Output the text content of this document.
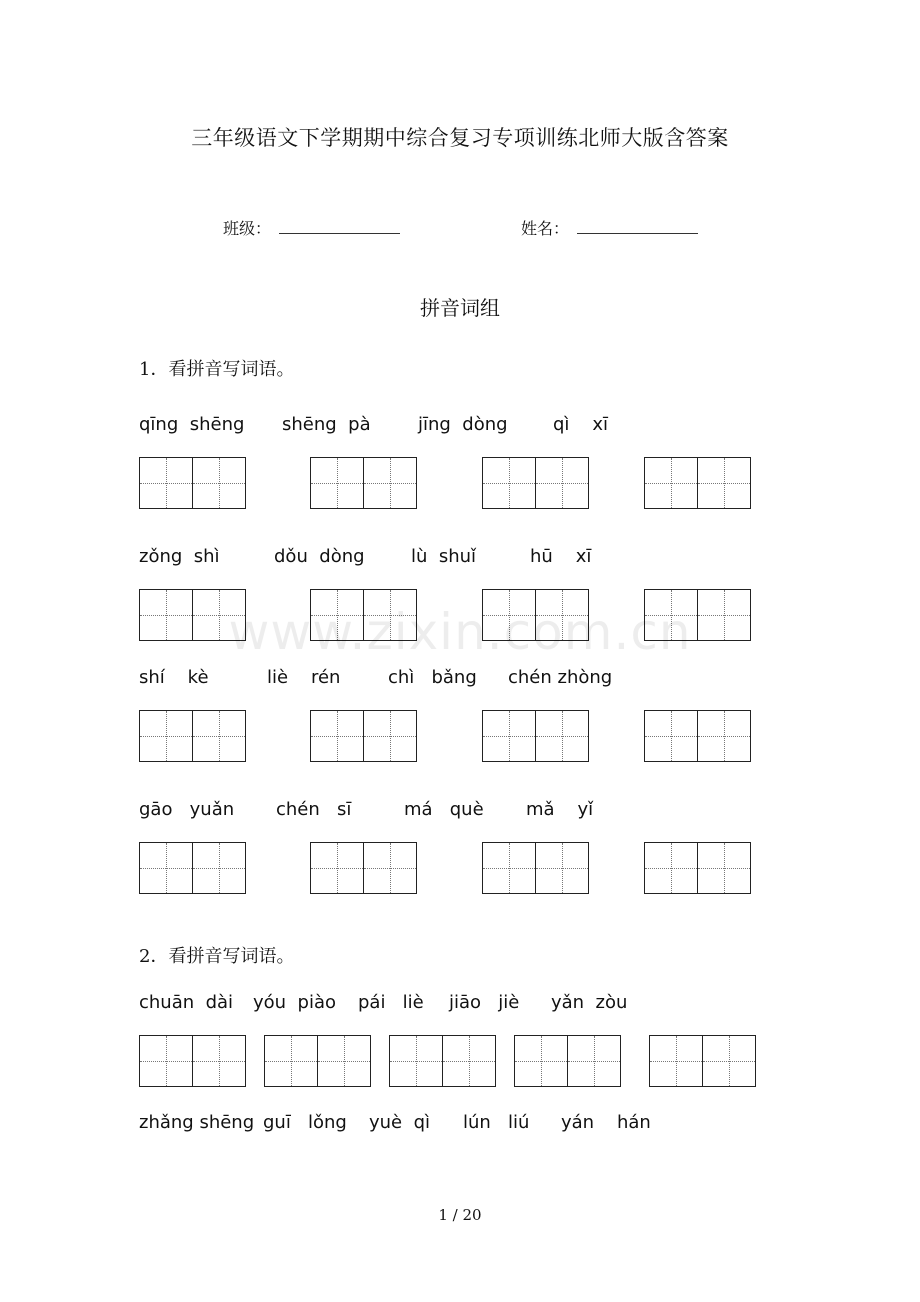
三年级语文下学期期中综合复习专项训练北师大版含答案
班级：	姓名：
拼音词组
1．看拼音写词语。
qīng  shēng shēng  pà	jīng  dòng	qì    xī
zǒng  shì	dǒu  dòng	lù  shuǐ	hū    xī
www.zixin.com.cn
shí    kè	liè    rén	chì   bǎng chén zhòng
gāo   yuǎn chén   sī	má   què mǎ    yǐ
2．看拼音写词语。
chuān  dài yóu  piào pái   liè jiāo   jiè yǎn  zòu
zhǎng shēng guī   lǒng yuè  qì lún   liú yán    hán
1 / 20
